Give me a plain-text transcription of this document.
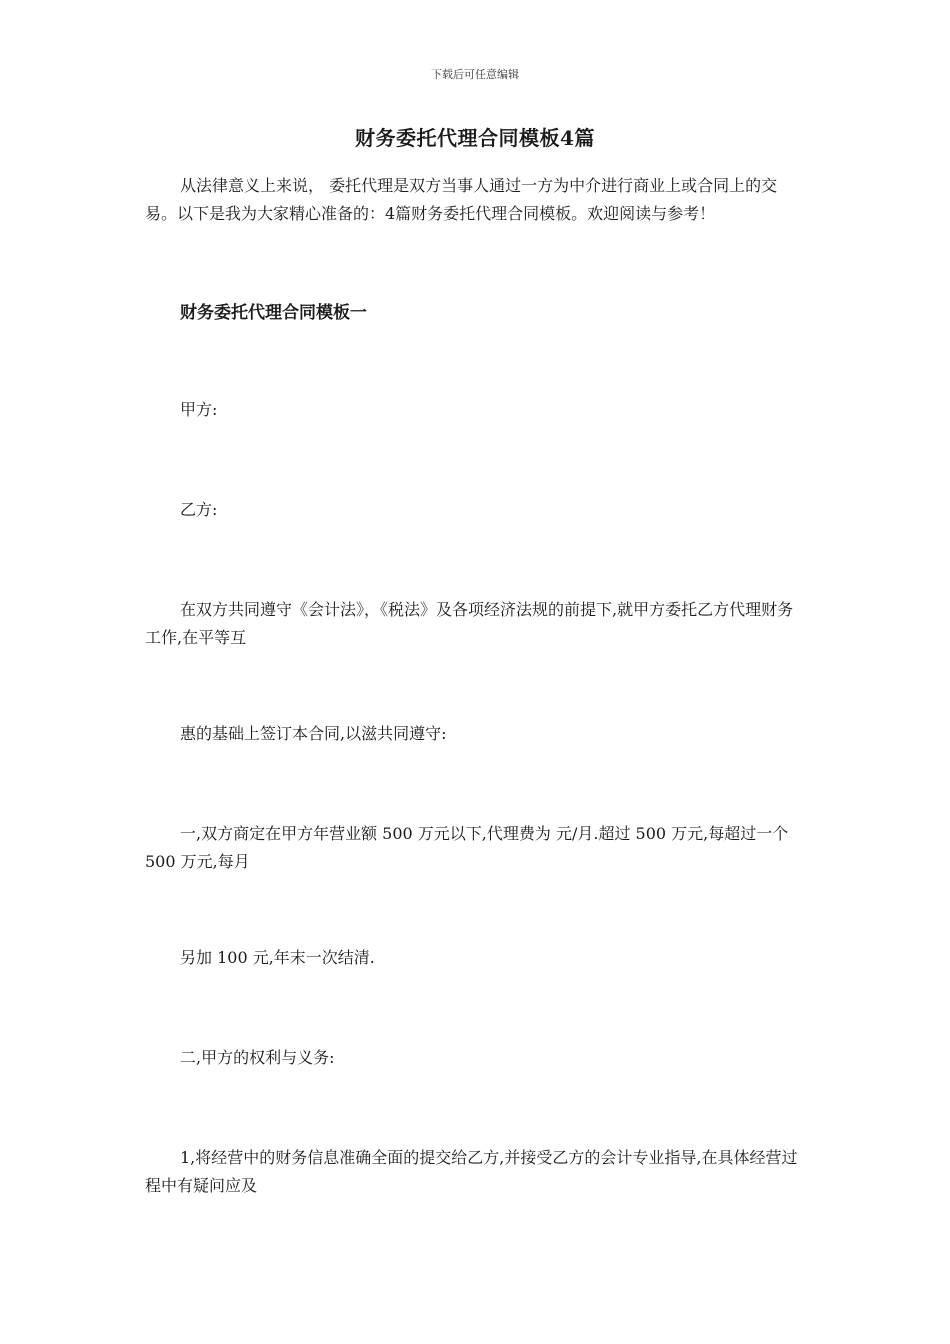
下载后可任意编辑
财务委托代理合同模板4篇

从法律意义上来说， 委托代理是双方当事人通过一方为中介进行商业上或合同上的交易。以下是我为大家精心准备的：4篇财务委托代理合同模板。欢迎阅读与参考！

财务委托代理合同模板一

甲方:

乙方:

在双方共同遵守《会计法》，《税法》及各项经济法规的前提下,就甲方委托乙方代理财务工作,在平等互

惠的基础上签订本合同,以滋共同遵守:

一,双方商定在甲方年营业额 500 万元以下,代理费为 元/月.超过 500 万元,每超过一个 500 万元,每月

另加 100 元,年末一次结清.

二,甲方的权利与义务:

1,将经营中的财务信息准确全面的提交给乙方,并接受乙方的会计专业指导,在具体经营过程中有疑问应及
